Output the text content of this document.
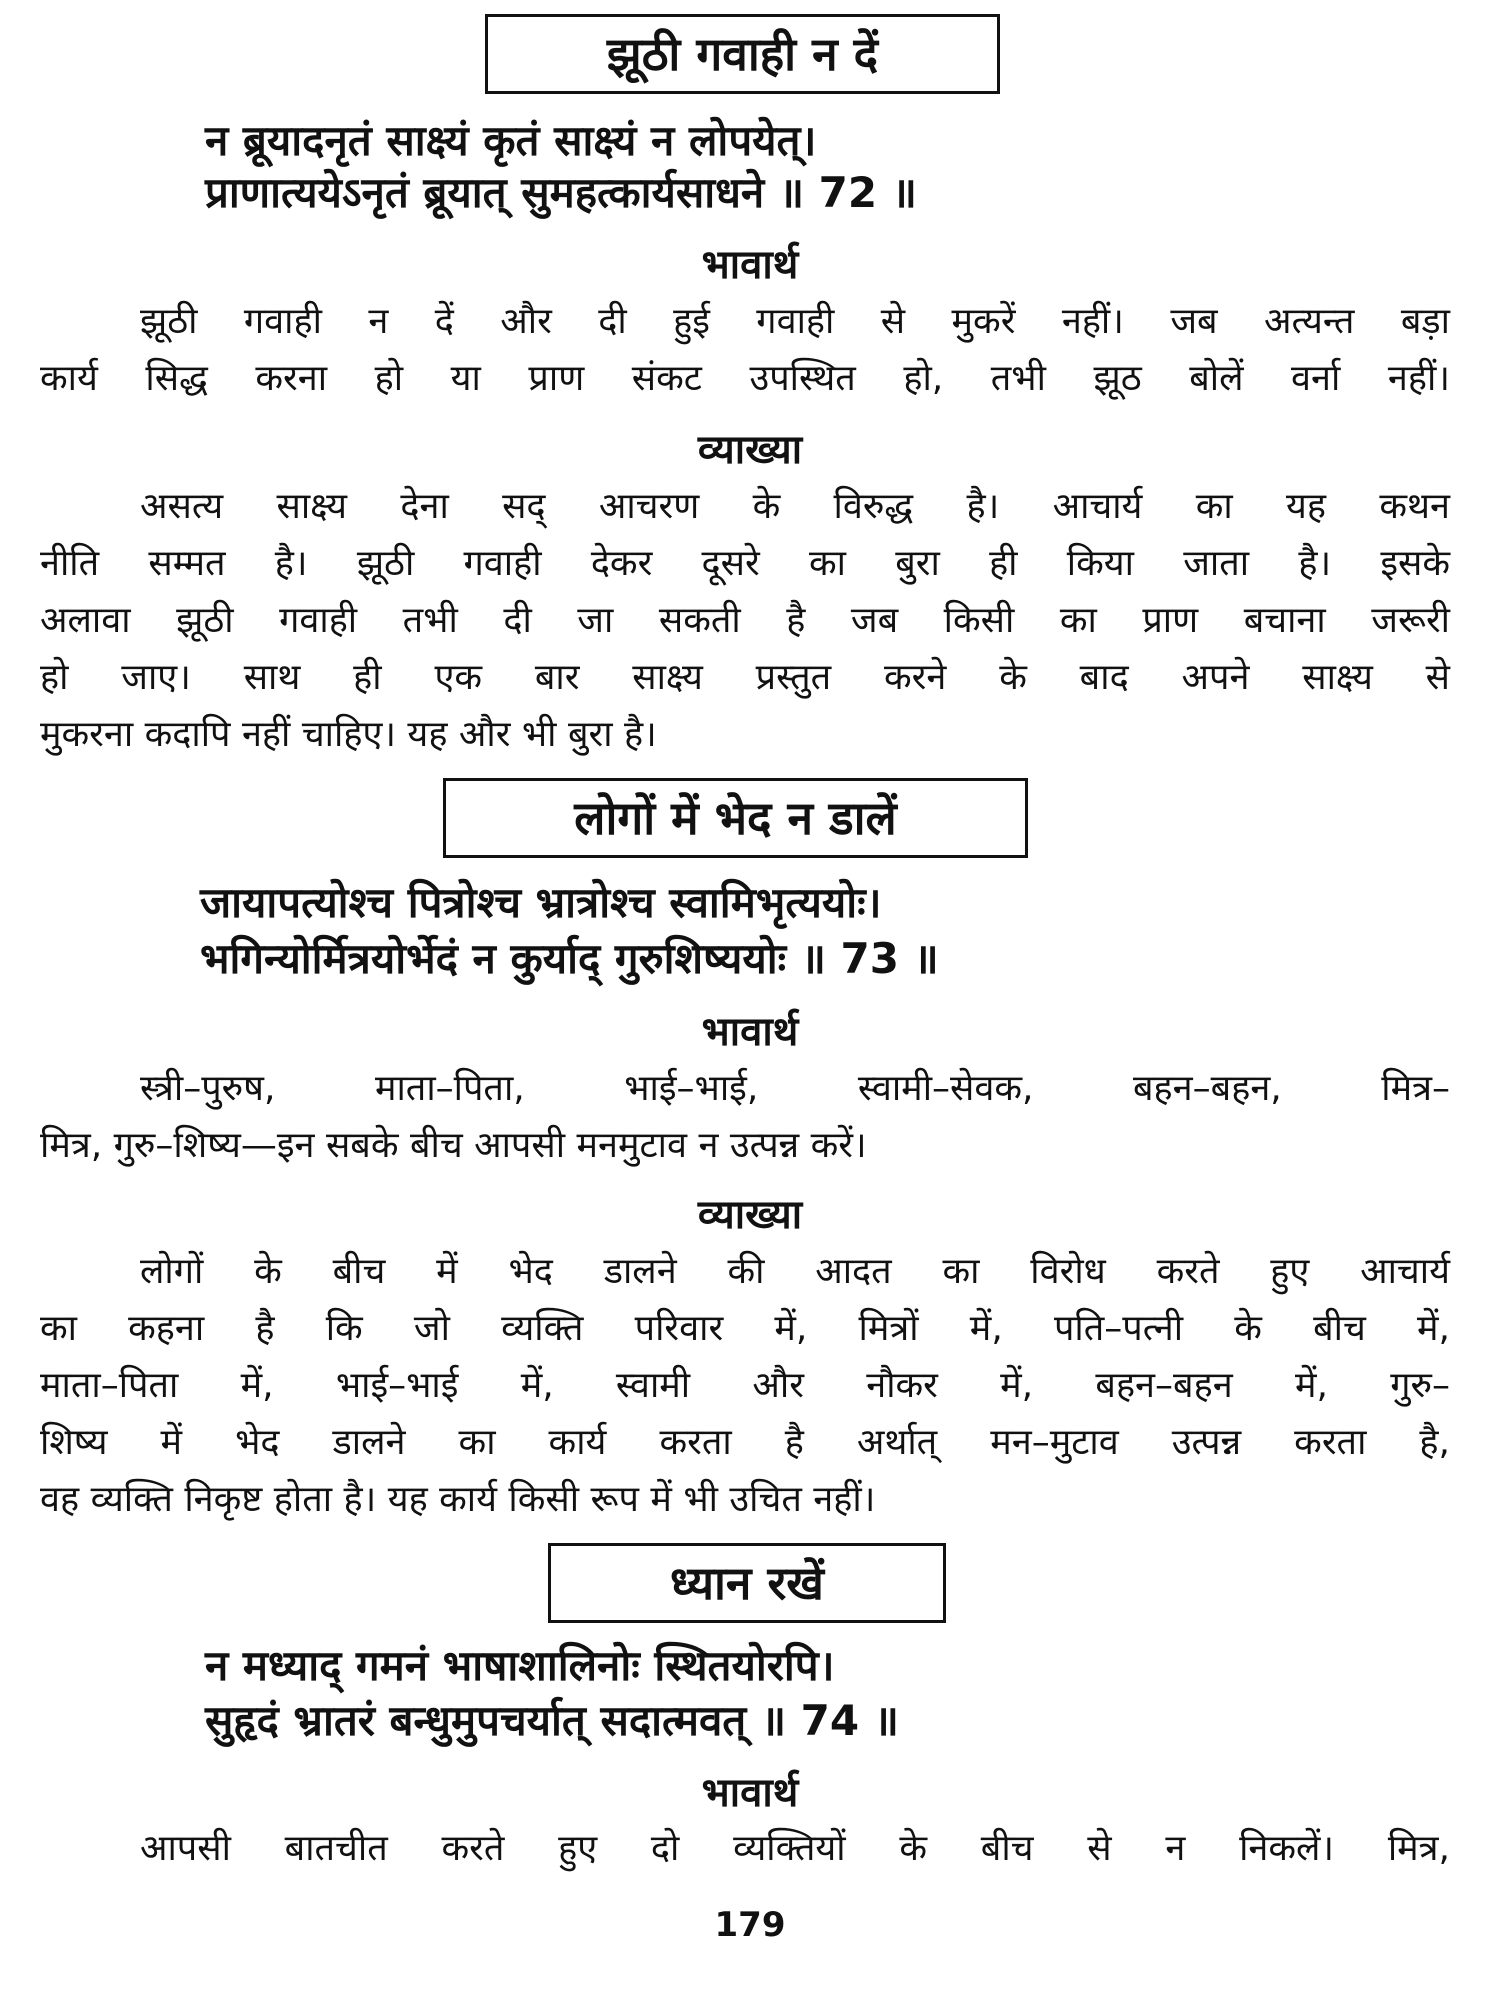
झूठी गवाही न दें
न ब्रूयादनृतं साक्ष्यं कृतं साक्ष्यं न लोपयेत्।
प्राणात्ययेऽनृतं ब्रूयात् सुमहत्कार्यसाधने ॥ 72 ॥
भावार्थ
झूठी गवाही न दें और दी हुई गवाही से मुकरें नहीं। जब अत्यन्त बड़ा
कार्य सिद्ध करना हो या प्राण संकट उपस्थित हो, तभी झूठ बोलें वर्ना नहीं।
व्याख्या
असत्य साक्ष्य देना सद् आचरण के विरुद्ध है। आचार्य का यह कथन
नीति सम्मत है। झूठी गवाही देकर दूसरे का बुरा ही किया जाता है। इसके
अलावा झूठी गवाही तभी दी जा सकती है जब किसी का प्राण बचाना जरूरी
हो जाए। साथ ही एक बार साक्ष्य प्रस्तुत करने के बाद अपने साक्ष्य से
मुकरना कदापि नहीं चाहिए। यह और भी बुरा है।
लोगों में भेद न डालें
जायापत्योश्च पित्रोश्च भ्रात्रोश्च स्वामिभृत्ययोः।
भगिन्योर्मित्रयोर्भेदं न कुर्याद् गुरुशिष्ययोः ॥ 73 ॥
भावार्थ
स्त्री–पुरुष, माता–पिता, भाई–भाई, स्वामी–सेवक, बहन–बहन, मित्र–
मित्र, गुरु–शिष्य—इन सबके बीच आपसी मनमुटाव न उत्पन्न करें।
व्याख्या
लोगों के बीच में भेद डालने की आदत का विरोध करते हुए आचार्य
का कहना है कि जो व्यक्ति परिवार में, मित्रों में, पति–पत्नी के बीच में,
माता–पिता में, भाई–भाई में, स्वामी और नौकर में, बहन–बहन में, गुरु–
शिष्य में भेद डालने का कार्य करता है अर्थात् मन–मुटाव उत्पन्न करता है,
वह व्यक्ति निकृष्ट होता है। यह कार्य किसी रूप में भी उचित नहीं।
ध्यान रखें
न मध्याद् गमनं भाषाशालिनोः स्थितयोरपि।
सुहृदं भ्रातरं बन्धुमुपचर्यात् सदात्मवत् ॥ 74 ॥
भावार्थ
आपसी बातचीत करते हुए दो व्यक्तियों के बीच से न निकलें। मित्र,
179
